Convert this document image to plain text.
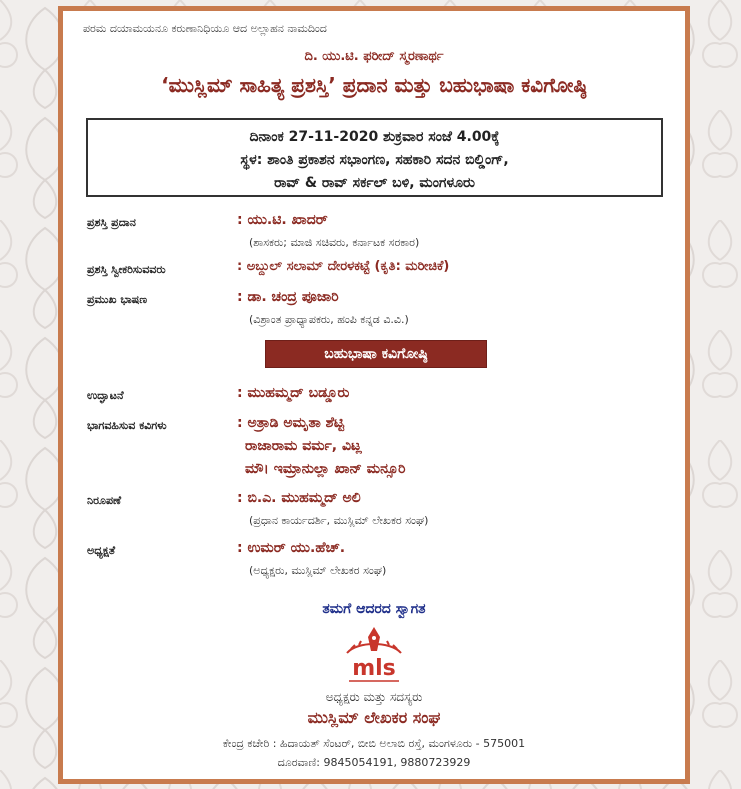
ಪರಮ ದಯಾಮಯನೂ ಕರುಣಾನಿಧಿಯೂ ಆದ ಅಲ್ಲಾಹನ ನಾಮದಿಂದ
ದಿ. ಯು.ಟಿ. ಫರೀದ್ ಸ್ಮರಣಾರ್ಥ
‘ಮುಸ್ಲಿಮ್ ಸಾಹಿತ್ಯ ಪ್ರಶಸ್ತಿ’ ಪ್ರದಾನ ಮತ್ತು ಬಹುಭಾಷಾ ಕವಿಗೋಷ್ಠಿ
ದಿನಾಂಕ 27-11-2020 ಶುಕ್ರವಾರ ಸಂಜೆ 4.00ಕ್ಕೆ
ಸ್ಥಳ: ಶಾಂತಿ ಪ್ರಕಾಶನ ಸಭಾಂಗಣ, ಸಹಕಾರಿ ಸದನ ಬಿಲ್ಡಿಂಗ್,
ರಾವ್ & ರಾವ್ ಸರ್ಕಲ್ ಬಳಿ, ಮಂಗಳೂರು
ಪ್ರಶಸ್ತಿ ಪ್ರದಾನ	: ಯು.ಟಿ. ಖಾದರ್
(ಶಾಸಕರು; ಮಾಜಿ ಸಚಿವರು, ಕರ್ನಾಟಕ ಸರಕಾರ)
ಪ್ರಶಸ್ತಿ ಸ್ವೀಕರಿಸುವವರು	: ಅಬ್ದುಲ್ ಸಲಾಮ್ ದೇರಳಕಟ್ಟೆ (ಕೃತಿ: ಮರೀಚಿಕೆ)
ಪ್ರಮುಖ ಭಾಷಣ	: ಡಾ. ಚಂದ್ರ ಪೂಜಾರಿ
(ವಿಶ್ರಾಂತ ಪ್ರಾಧ್ಯಾಪಕರು, ಹಂಪಿ ಕನ್ನಡ ವಿ.ವಿ.)
ಬಹುಭಾಷಾ ಕವಿಗೋಷ್ಠಿ
ಉದ್ಘಾಟನೆ	: ಮುಹಮ್ಮದ್ ಬಡ್ಡೂರು
ಭಾಗವಹಿಸುವ ಕವಿಗಳು	: ಅತ್ರಾಡಿ ಅಮೃತಾ ಶೆಟ್ಟಿ
ರಾಜಾರಾಮ ವರ್ಮ, ವಿಟ್ಲ
ಮೌ। ಇಮ್ರಾನುಲ್ಲಾ ಖಾನ್ ಮನ್ಸೂರಿ
ನಿರೂಪಣೆ	: ಬಿ.ಎ. ಮುಹಮ್ಮದ್ ಅಲಿ
(ಪ್ರಧಾನ ಕಾರ್ಯದರ್ಶಿ, ಮುಸ್ಲಿಮ್ ಲೇಖಕರ ಸಂಘ)
ಅಧ್ಯಕ್ಷತೆ	: ಉಮರ್ ಯು.ಹೆಚ್.
(ಅಧ್ಯಕ್ಷರು, ಮುಸ್ಲಿಮ್ ಲೇಖಕರ ಸಂಘ)
ತಮಗೆ ಆದರದ ಸ್ವಾಗತ
mls
ಅಧ್ಯಕ್ಷರು ಮತ್ತು ಸದಸ್ಯರು
ಮುಸ್ಲಿಮ್ ಲೇಖಕರ ಸಂಘ
ಕೇಂದ್ರ ಕಚೇರಿ : ಹಿದಾಯತ್ ಸೆಂಟರ್, ಬೀಬಿ ಅಲಾಬಿ ರಸ್ತೆ, ಮಂಗಳೂರು - 575001
ದೂರವಾಣಿ: 9845054191, 9880723929
